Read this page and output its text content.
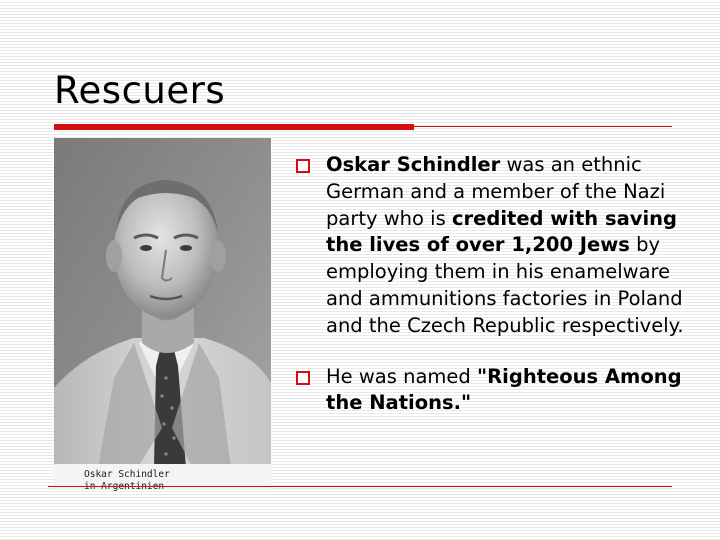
Rescuers

Oskar Schindler

Oskar Schindler was an ethnic German and a member of the Nazi party who is credited with saving the lives of over 1,200 Jews by employing them in his enamelware and ammunitions factories in Poland and the Czech Republic respectively.
He was named "Righteous Among the Nations."
